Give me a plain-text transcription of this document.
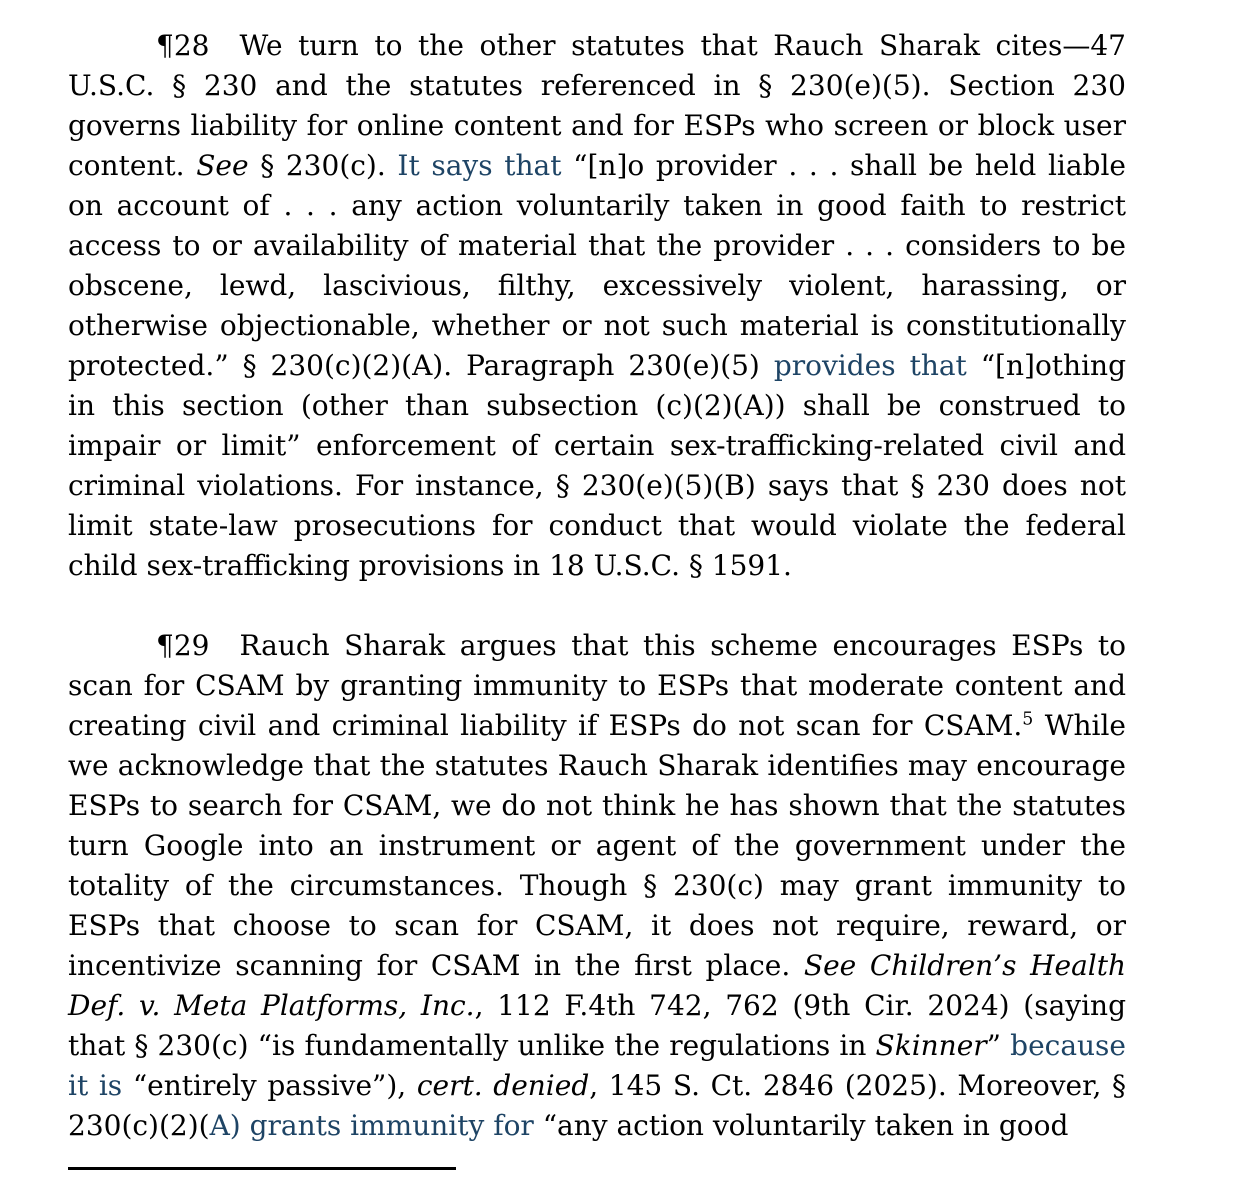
¶28 We turn to the other statutes that Rauch Sharak cites—47 U.S.C. § 230 and the statutes referenced in § 230(e)(5). Section 230 governs liability for online content and for ESPs who screen or block user content. See § 230(c). It says that “[n]o provider . . . shall be held liable on account of . . . any action voluntarily taken in good faith to restrict access to or availability of material that the provider . . . considers to be obscene, lewd, lascivious, filthy, excessively violent, harassing, or otherwise objectionable, whether or not such material is constitutionally protected.” § 230(c)(2)(A). Paragraph 230(e)(5) provides that “[n]othing in this section (other than subsection (c)(2)(A)) shall be construed to impair or limit” enforcement of certain sex-trafficking-related civil and criminal violations. For instance, § 230(e)(5)(B) says that § 230 does not limit state-law prosecutions for conduct that would violate the federal child sex-trafficking provisions in 18 U.S.C. § 1591.

¶29 Rauch Sharak argues that this scheme encourages ESPs to scan for CSAM by granting immunity to ESPs that moderate content and creating civil and criminal liability if ESPs do not scan for CSAM.$^5$ While we acknowledge that the statutes Rauch Sharak identifies may encourage ESPs to search for CSAM, we do not think he has shown that the statutes turn Google into an instrument or agent of the government under the totality of the circumstances. Though § 230(c) may grant immunity to ESPs that choose to scan for CSAM, it does not require, reward, or incentivize scanning for CSAM in the first place. See Children’s Health Def. v. Meta Platforms, Inc., 112 F.4th 742, 762 (9th Cir. 2024) (saying that § 230(c) “is fundamentally unlike the regulations in Skinner” because it is “entirely passive”), cert. denied, 145 S. Ct. 2846 (2025). Moreover, § 230(c)(2)(A) grants immunity for “any action voluntarily taken in good
